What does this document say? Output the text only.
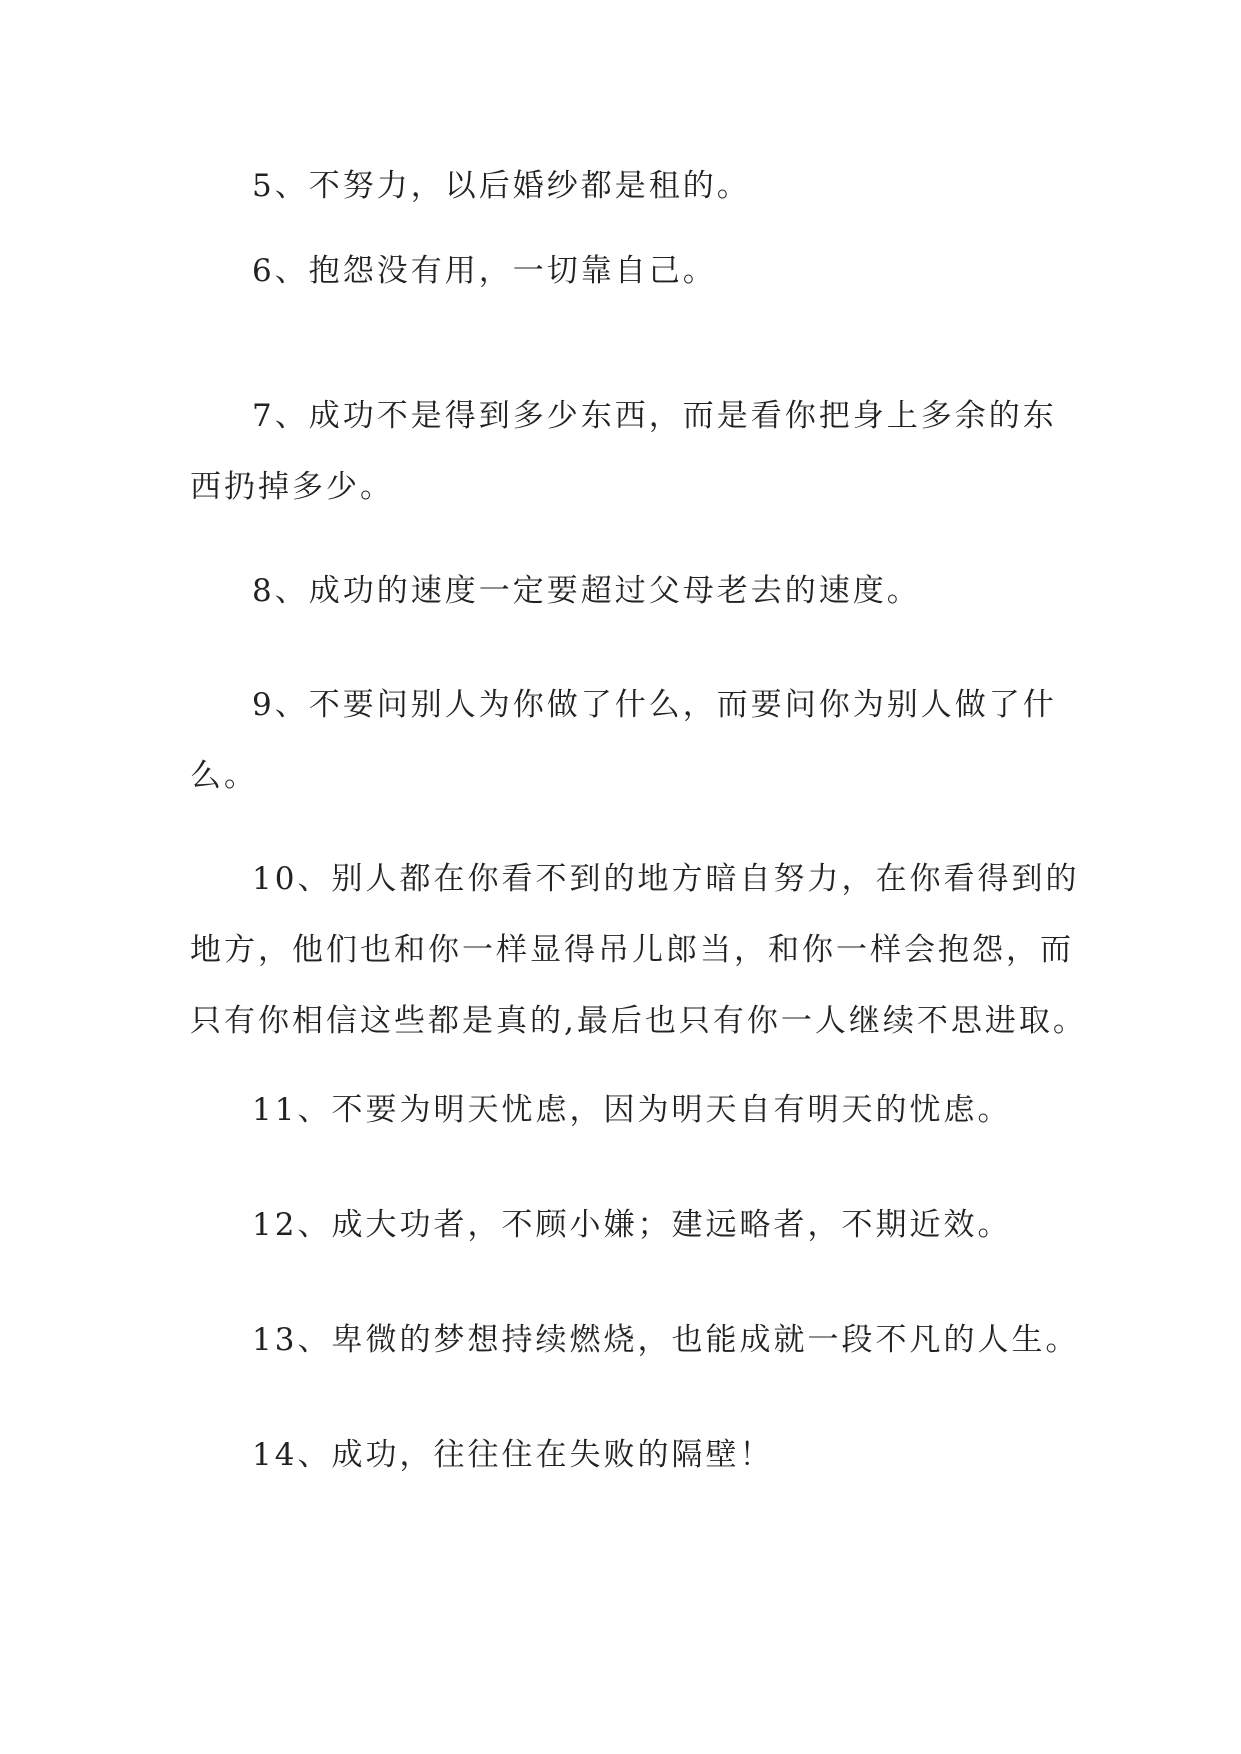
5、不努力，以后婚纱都是租的。

6、抱怨没有用，一切靠自己。

7、成功不是得到多少东西，而是看你把身上多余的东
西扔掉多少。

8、成功的速度一定要超过父母老去的速度。

9、不要问别人为你做了什么，而要问你为别人做了什
么。

10、别人都在你看不到的地方暗自努力，在你看得到的
地方，他们也和你一样显得吊儿郎当，和你一样会抱怨，而
只有你相信这些都是真的,最后也只有你一人继续不思进取。

11、不要为明天忧虑，因为明天自有明天的忧虑。

12、成大功者，不顾小嫌；建远略者，不期近效。

13、卑微的梦想持续燃烧，也能成就一段不凡的人生。

14、成功，往往住在失败的隔壁！
